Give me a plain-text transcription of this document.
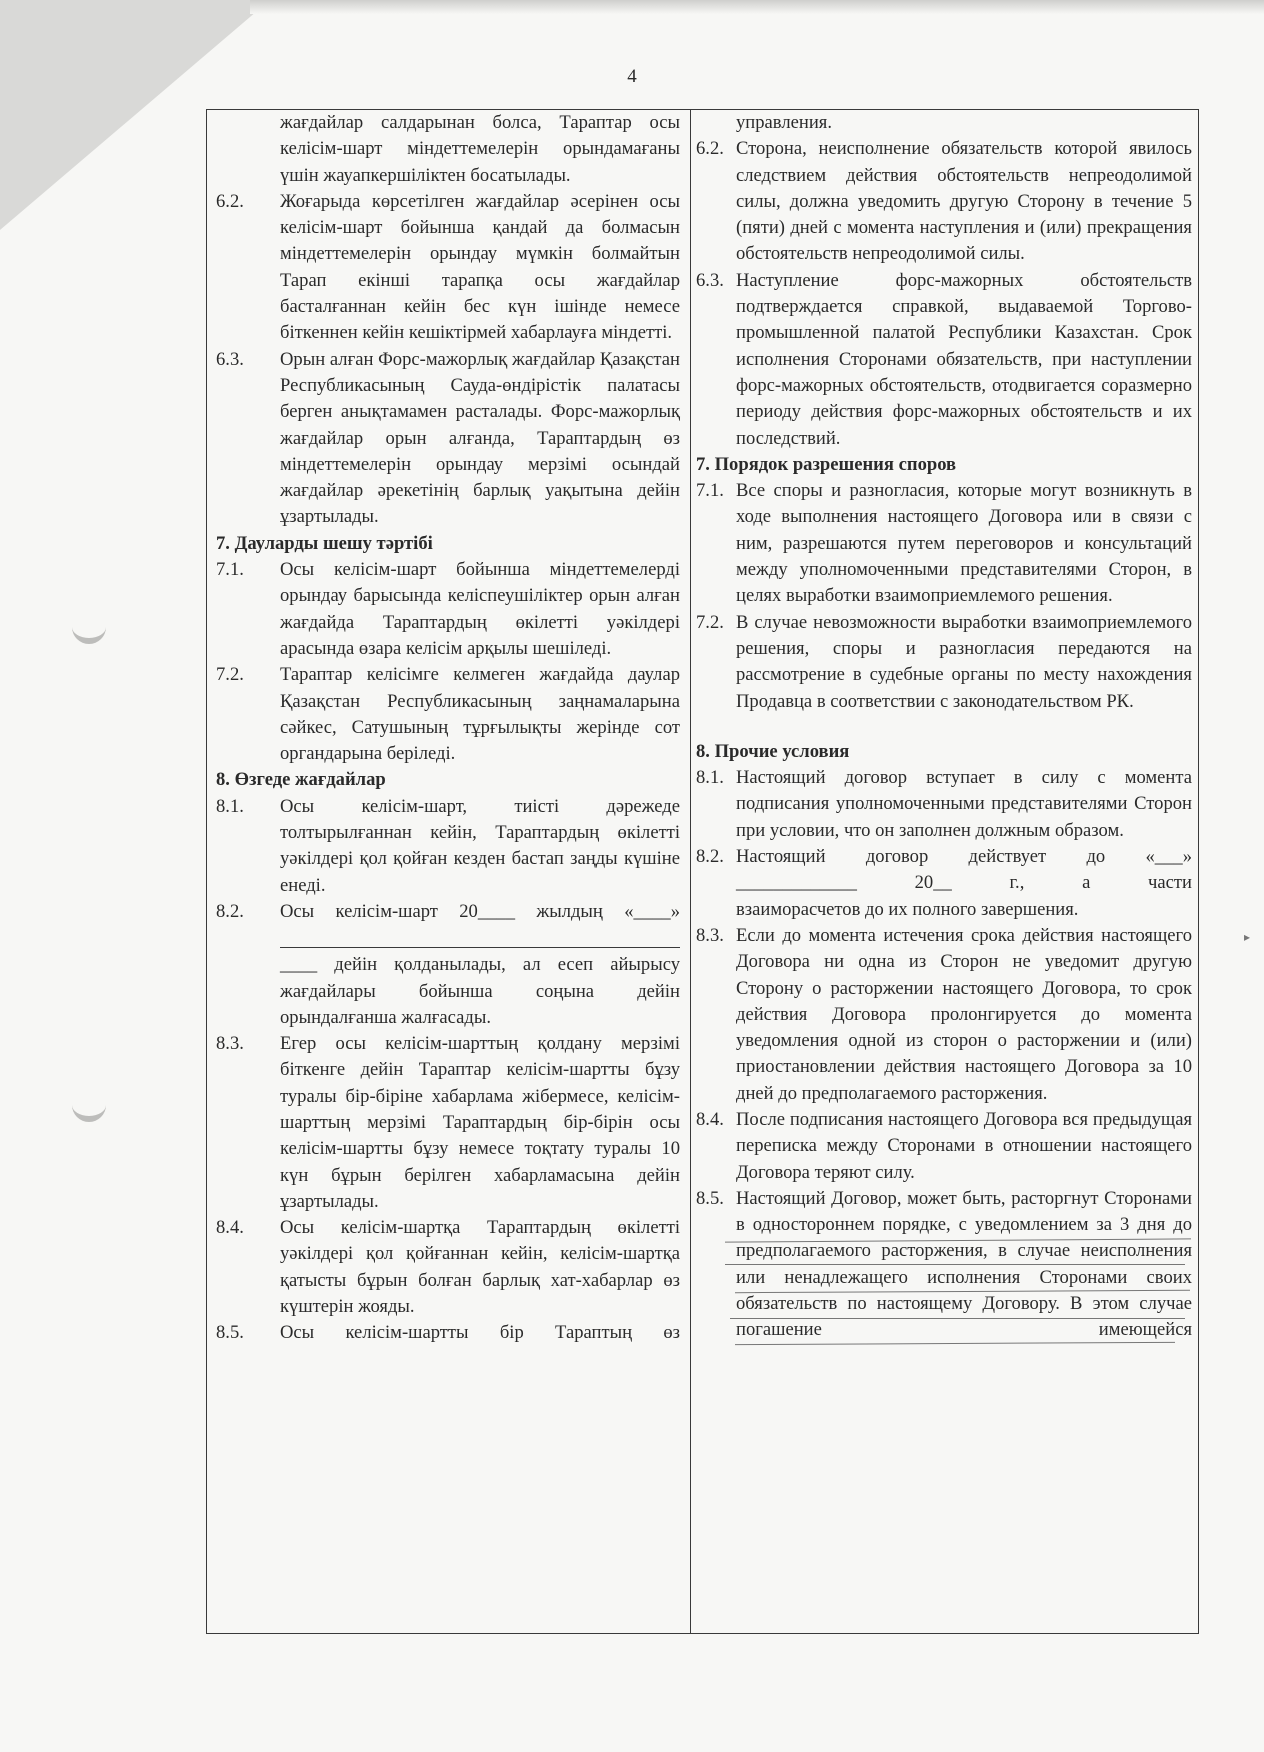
4
▸

жағдайлар салдарынан болса, Тараптар осы келісім-шарт міндеттемелерін орындамағаны үшін жауапкершіліктен босатылады.

6.2.	Жоғарыда көрсетілген жағдайлар әсерінен осы келісім-шарт бойынша қандай да болмасын міндеттемелерін орындау мүмкін болмайтын Тарап екінші тарапқа осы жағдайлар басталғаннан кейін бес күн ішінде немесе біткеннен кейін кешіктірмей хабарлауға міндетті.
6.3.	Орын алған Форс-мажорлық жағдайлар Қазақстан Республикасының Сауда-өндірістік палатасы берген анықтамамен расталады. Форс-мажорлық жағдайлар орын алғанда, Тараптардың өз міндеттемелерін орындау мерзімі осындай жағдайлар әрекетінің барлық уақытына дейін ұзартылады.

7. Дауларды шешу тәртібі

7.1.	Осы келісім-шарт бойынша міндеттемелерді орындау барысында келіспеушіліктер орын алған жағдайда Тараптардың өкілетті уәкілдері арасында өзара келісім арқылы шешіледі.
7.2.	Тараптар келісімге келмеген жағдайда даулар Қазақстан Республикасының заңнамаларына сәйкес, Сатушының тұрғылықты жерінде сот органдарына беріледі.

8. Өзгеде жағдайлар

8.1.	Осы келісім-шарт, тиісті дәрежеде толтырылғаннан кейін, Тараптардың өкілетті уәкілдері қол қойған кезден бастап заңды күшіне енеді.
8.2.	Осы келісім-шарт 20____ жылдың «____»
____ дейін қолданылады, ал есеп айырысу жағдайлары бойынша соңына дейін орындалғанша жалғасады.
8.3.	Егер осы келісім-шарттың қолдану мерзімі біткенге дейін Тараптар келісім-шартты бұзу туралы бір-біріне хабарлама жібермесе, келісім-шарттың мерзімі Тараптардың бір-бірін осы келісім-шартты бұзу немесе тоқтату туралы 10 күн бұрын берілген хабарламасына дейін ұзартылады.
8.4.	Осы келісім-шартқа Тараптардың өкілетті уәкілдері қол қойғаннан кейін, келісім-шартқа қатысты бұрын болған барлық хат-хабарлар өз күштерін жояды.
8.5.	Осы келісім-шартты бір Тараптың өз

управления.

6.2. Сторона, неисполнение обязательств которой явилось следствием действия обстоятельств непреодолимой силы, должна уведомить другую Сторону в течение 5 (пяти) дней с момента наступления и (или) прекращения обстоятельств непреодолимой силы.
6.3. Наступление форс-мажорных обстоятельств подтверждается справкой, выдаваемой Торгово-промышленной палатой Республики Казахстан. Срок исполнения Сторонами обязательств, при наступлении форс-мажорных обстоятельств, отодвигается соразмерно периоду действия форс-мажорных обстоятельств и их последствий.

7. Порядок разрешения споров

7.1. Все споры и разногласия, которые могут возникнуть в ходе выполнения настоящего Договора или в связи с ним, разрешаются путем переговоров и консультаций между уполномоченными представителями Сторон, в целях выработки взаимоприемлемого решения.
7.2. В случае невозможности выработки взаимоприемлемого решения, споры и разногласия передаются на рассмотрение в судебные органы по месту нахождения Продавца в соответствии с законодательством РК.

8. Прочие условия

8.1. Настоящий договор вступает в силу с момента подписания уполномоченными представителями Сторон при условии, что он заполнен должным образом.
8.2. Настоящий договор действует до «___»
_____________ 20__ г., а части
взаиморасчетов до их полного завершения.
8.3. Если до момента истечения срока действия настоящего Договора ни одна из Сторон не уведомит другую Сторону о расторжении настоящего Договора, то срок действия Договора пролонгируется до момента уведомления одной из сторон о расторжении и (или) приостановлении действия настоящего Договора за 10 дней до предполагаемого расторжения.
8.4. После подписания настоящего Договора вся предыдущая переписка между Сторонами в отношении настоящего Договора теряют силу.
8.5. Настоящий Договор, может быть, расторгнут Сторонами в одностороннем порядке, с уведомлением за 3 дня до предполагаемого расторжения, в случае неисполнения или ненадлежащего исполнения Сторонами своих обязательств по настоящему Договору. В этом случае погашение имеющейся
